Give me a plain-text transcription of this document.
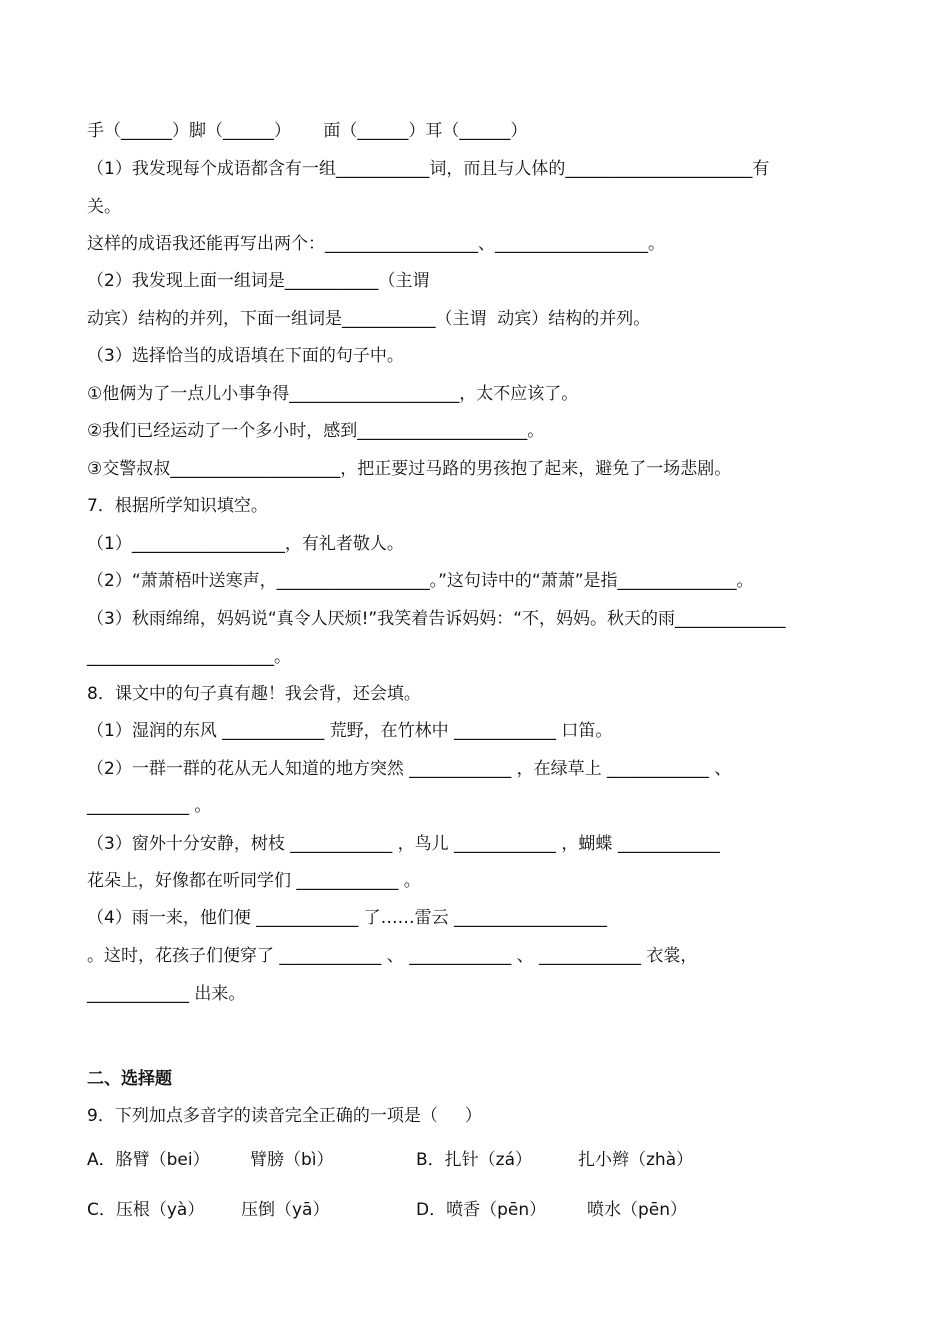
手（______）脚（______）      面（______）耳（______）
（1）我发现每个成语都含有一组___________词，而且与人体的______________________有
关。
这样的成语我还能再写出两个：__________________、__________________。
（2）我发现上面一组词是___________（主谓
动宾）结构的并列，下面一组词是___________（主谓  动宾）结构的并列。
（3）选择恰当的成语填在下面的句子中。
①他俩为了一点儿小事争得____________________，太不应该了。
②我们已经运动了一个多小时，感到____________________。
③交警叔叔____________________，把正要过马路的男孩抱了起来，避免了一场悲剧。
7．根据所学知识填空。
（1）__________________，有礼者敬人。
（2）“萧萧梧叶送寒声，__________________。”这句诗中的“萧萧”是指______________。
（3）秋雨绵绵，妈妈说“真令人厌烦!”我笑着告诉妈妈：“不，妈妈。秋天的雨_____________
______________________。
8．课文中的句子真有趣！我会背，还会填。
（1）湿润的东风 ____________ 荒野，在竹林中 ____________ 口笛。
（2）一群一群的花从无人知道的地方突然 ____________ ，在绿草上 ____________ 、
____________ 。
（3）窗外十分安静，树枝 ____________ ，鸟儿 ____________ ，蝴蝶 ____________
花朵上，好像都在听同学们 ____________ 。
（4）雨一来，他们便 ____________ 了……雷云 __________________
。这时，花孩子们便穿了 ____________ 、 ____________ 、 ____________ 衣裳，
____________ 出来。
二、选择题
9．下列加点多音字的读音完全正确的一项是（     ）
A．胳臂（bei） 臂膀（bì）	B．扎针（zá）	扎小辫（zhà）
C．压根（yà） 压倒（yā）	D．喷香（pēn） 喷水（pēn）
